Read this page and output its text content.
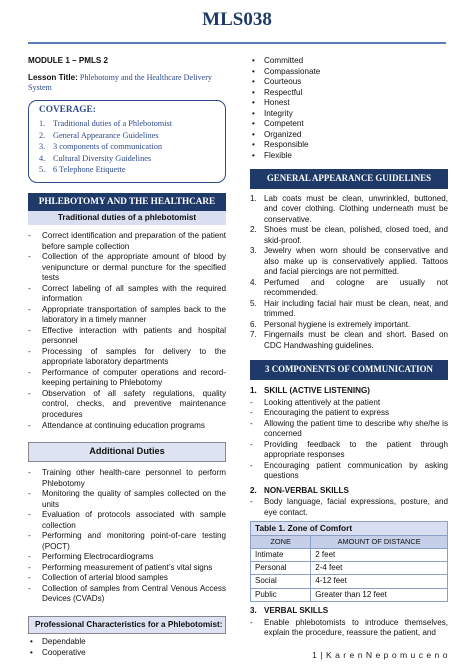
MLS038
MODULE 1 – PMLS 2
Lesson Title: Phlebotomy and the Healthcare Delivery System
COVERAGE:
1. Traditional duties of a Phlebotomist
2. General Appearance Guidelines
3. 3 components of communication
4. Cultural Diversity Guidelines
5. 6 Telephone Etiquette
PHLEBOTOMY AND THE HEALTHCARE
Traditional duties of a phlebotomist
- Correct identification and preparation of the patient before sample collection
- Collection of the appropriate amount of blood by venipuncture or dermal puncture for the specified tests
- Correct labeling of all samples with the required information
- Appropriate transportation of samples back to the laboratory in a timely manner
- Effective interaction with patients and hospital personnel
- Processing of samples for delivery to the appropriate laboratory departments
- Performance of computer operations and record-keeping pertaining to Phlebotomy
- Observation of all safety regulations, quality control, checks, and preventive maintenance procedures
- Attendance at continuing education programs
Additional Duties
- Training other health-care personnel to perform Phlebotomy
- Monitoring the quality of samples collected on the units
- Evaluation of protocols associated with sample collection
- Performing and monitoring point-of-care testing (POCT)
- Performing Electrocardiograms
- Performing measurement of patient’s vital signs
- Collection of arterial blood samples
- Collection of samples from Central Venous Access Devices (CVADs)
Professional Characteristics for a Phlebotomist:
• Dependable
• Cooperative
• Committed
• Compassionate
• Courteous
• Respectful
• Honest
• Integrity
• Competent
• Organized
• Responsible
• Flexible
GENERAL APPEARANCE GUIDELINES
1. Lab coats must be clean, unwrinkled, buttoned, and cover clothing. Clothing underneath must be conservative.
2. Shoes must be clean, polished, closed toed, and skid-proof.
3. Jewelry when worn should be conservative and also make up is conservatively applied. Tattoos and facial piercings are not permitted.
4. Perfumed and cologne are usually not recommended.
5. Hair including facial hair must be clean, neat, and trimmed.
6. Personal hygiene is extremely important.
7. Fingernails must be clean and short. Based on CDC Handwashing guidelines.
3 COMPONENTS OF COMMUNICATION
1. SKILL (ACTIVE LISTENING)
- Looking attentively at the patient
- Encouraging the patient to express
- Allowing the patient time to describe why she/he is concerned
- Providing feedback to the patient through appropriate responses
- Encouraging patient communication by asking questions
2. NON-VERBAL SKILLS
- Body language, facial expressions, posture, and eye contact.
Table 1. Zone of Comfort	
ZONE	AMOUNT OF DISTANCE
Intimate	2 feet
Personal	2-4 feet
Social	4-12 feet
Public	Greater than 12 feet
3. VERBAL SKILLS
- Enable phlebotomists to introduce themselves, explain the procedure, reassure the patient, and
1 | K a r e n N e p o m u c e n o
